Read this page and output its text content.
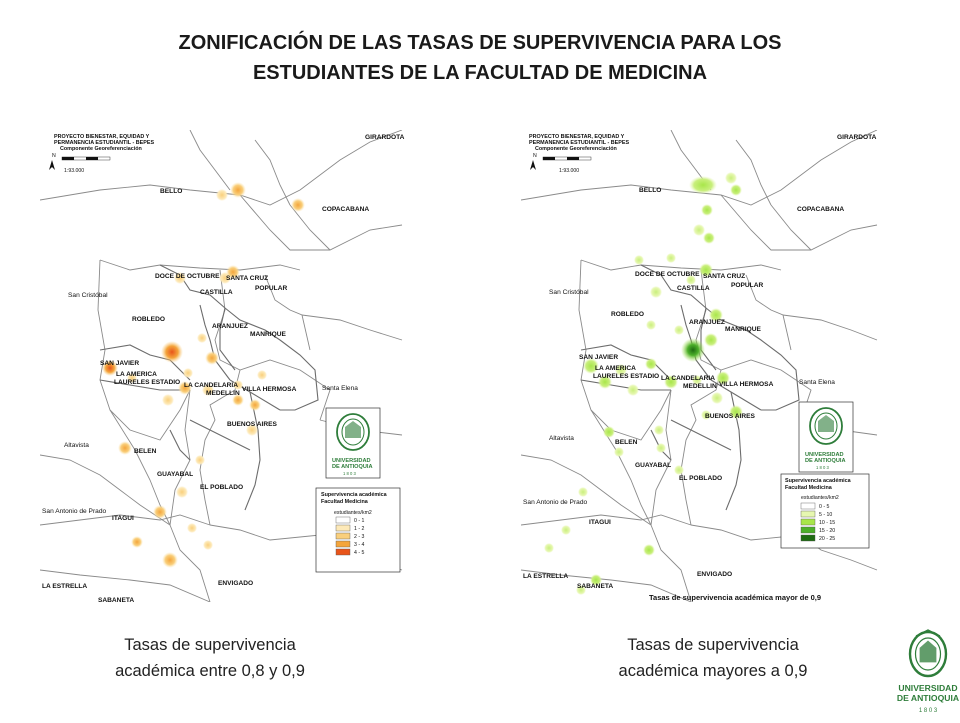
ZONIFICACIÓN DE LAS TASAS DE SUPERVIVENCIA PARA LOS
ESTUDIANTES DE LA FACULTAD DE MEDICINA
PROYECTO BIENESTAR, EQUIDAD Y
PERMANENCIA ESTUDIANTIL - BEPES
Componente Georeferenciación
N
1:93.000
GIRARDOTA
BELLO
COPACABANA
DOCE DE OCTUBRE SANTA CRUZ
POPULAR
CASTILLA
San Cristóbal
ROBLEDO
ARANJUEZ
MANRIQUE
SAN JAVIER
LA AMERICA
LAURELES ESTADIO LA CANDELARIA
MEDELLIN
VILLA HERMOSA	Santa Elena
Altavista
BUENOS AIRES
BELEN
GUAYABAL
EL POBLADO
San Antonio de Prado
ITAGUI
ENVIGADO
LA ESTRELLA
SABANETA
UNIVERSIDAD
DE ANTIOQUIA
1 8 0 3
Supervivencia académica
Facultad Medicina
estudiantes/km2
0 - 1
1 - 2
2 - 3
3 - 4
4 - 5
PROYECTO BIENESTAR, EQUIDAD Y
PERMANENCIA ESTUDIANTIL - BEPES
Componente Georeferenciación
N
1:93.000
GIRARDOTA
BELLO
COPACABANA
DOCE DE OCTUBRE SANTA CRUZ
POPULAR
CASTILLA
San Cristóbal
ROBLEDO
ARANJUEZ
MANRIQUE
SAN JAVIER
LA AMERICA
LAURELES ESTADIO LA CANDELARIA
MEDELLIN VILLA HERMOSA	Santa Elena
Altavista
BUENOS AIRES
BELEN
GUAYABAL
EL POBLADO
San Antonio de Prado
ITAGUI
ENVIGADO
LA ESTRELLA
SABANETA
UNIVERSIDAD
DE ANTIOQUIA
1 8 0 3
Supervivencia académica
Facultad Medicina
estudiantes/km2
0 - 5
5 - 10
10 - 15
15 - 20
20 - 25
Tasas de supervivencia académica mayor de 0,9
Tasas de supervivencia
académica entre 0,8 y 0,9
Tasas de supervivencia
académica mayores a 0,9
UNIVERSIDAD
DE ANTIOQUIA
1 8 0 3
